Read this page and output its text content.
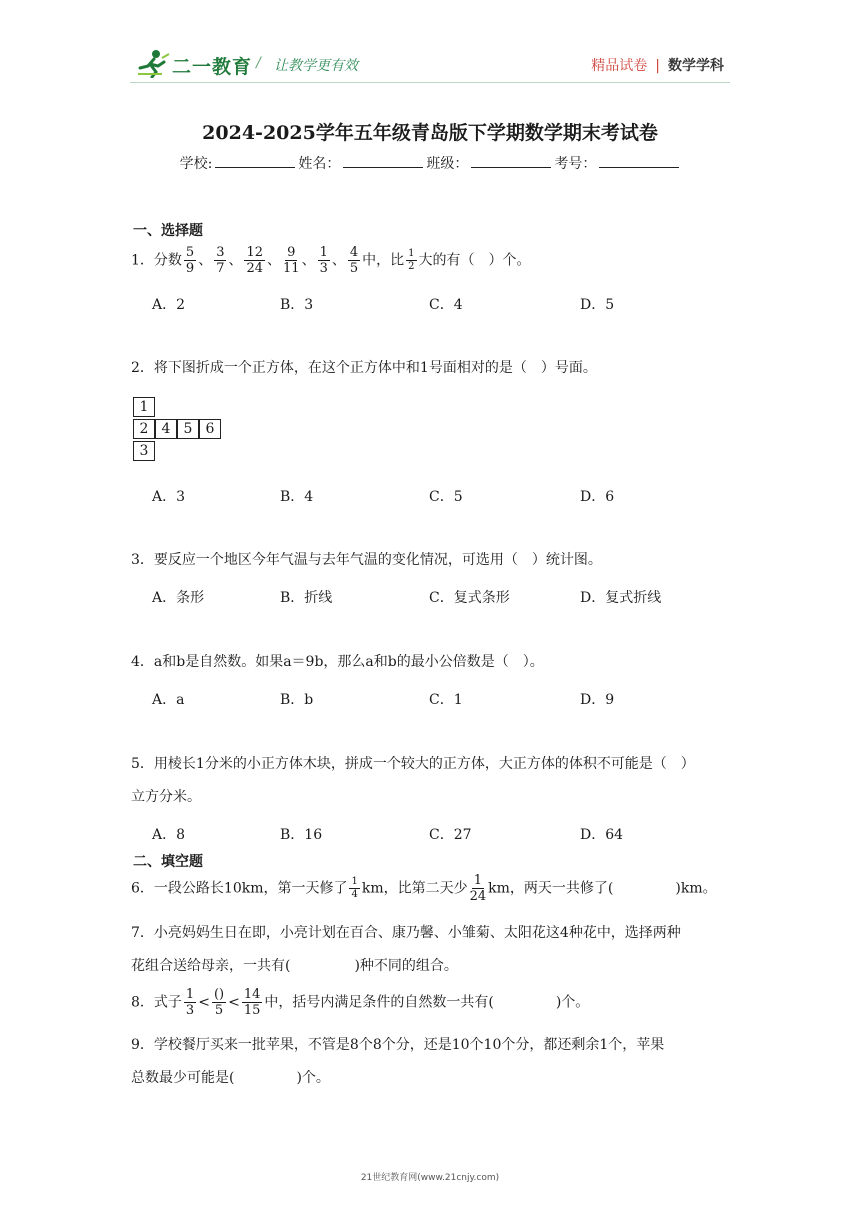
二一教育 / 让教学更有效	精品试卷 | 数学学科
2024-2025学年五年级青岛版下学期数学期末考试卷
学校:	姓名：	班级：	考号：
一、选择题
1．分数 $\frac{5}{9}$ 、 $\frac{3}{7}$ 、 $\frac{12}{24}$ 、 $\frac{9}{11}$ 、 $\frac{1}{3}$ 、 $\frac{4}{5}$ 中，比 $\frac{1}{2}$ 大的有（　）个。
A．2	B．3	C．4	D．5
2．将下图折成一个正方体，在这个正方体中和1号面相对的是（　）号面。
1
2 4 5 6
3
A．3	B．4	C．5	D．6
3．要反应一个地区今年气温与去年气温的变化情况，可选用（　）统计图。
A．条形	B．折线	C．复式条形	D．复式折线
4．a和b是自然数。如果a＝9b，那么a和b的最小公倍数是（　）。
A．a	B．b	C．1	D．9
5．用棱长1分米的小正方体木块，拼成一个较大的正方体，大正方体的体积不可能是（　）
立方分米。
A．8	B．16	C．27	D．64
二、填空题
6．一段公路长10km，第一天修了 $\frac{1}{4}$ km，比第二天少 $\frac{1}{24}$ km，两天一共修了(	)km。
7．小亮妈妈生日在即，小亮计划在百合、康乃馨、小雏菊、太阳花这4种花中，选择两种
花组合送给母亲，一共有(	)种不同的组合。
8．式子 $\frac{1}{3} < \frac{()}{5} < \frac{14}{15}$ 中，括号内满足条件的自然数一共有(	)个。
9．学校餐厅买来一批苹果，不管是8个8个分，还是10个10个分，都还剩余1个，苹果
总数最少可能是(	)个。
21世纪教育网(www.21cnjy.com)
